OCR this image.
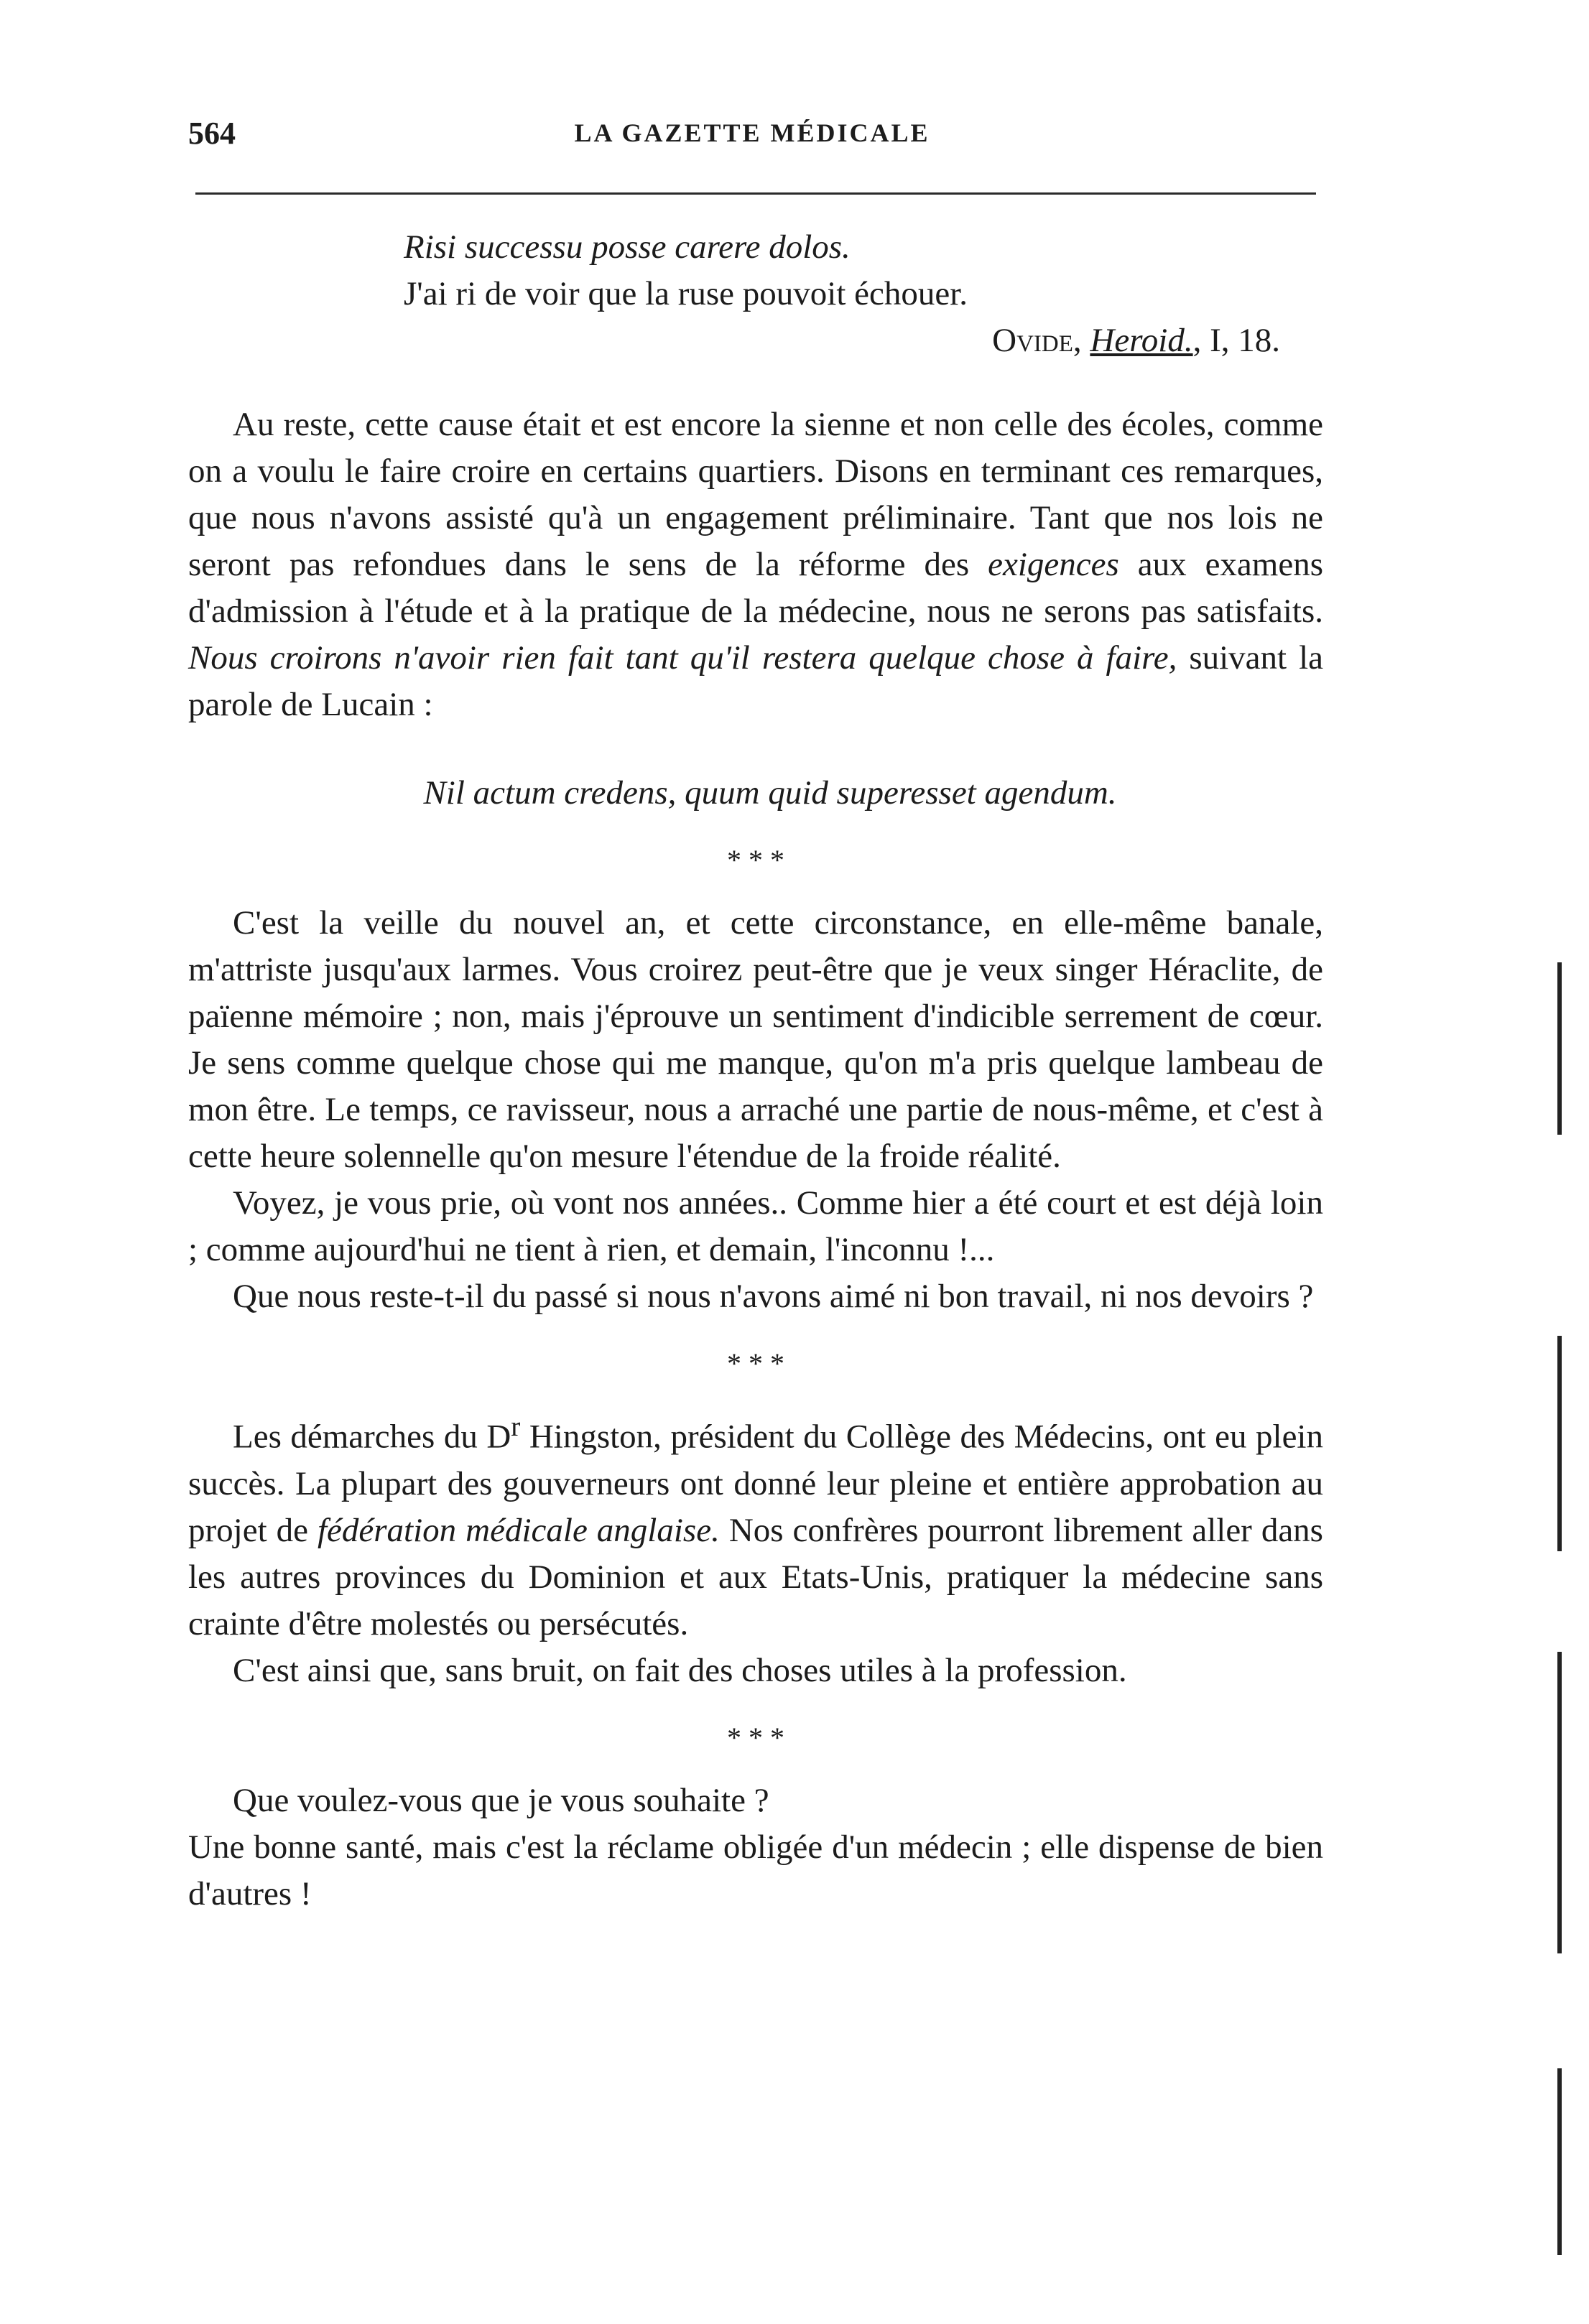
564	LA GAZETTE MÉDICALE
Risi successu posse carere dolos.
J'ai ri de voir que la ruse pouvoit échouer.
Ovide, Heroid., I, 18.

Au reste, cette cause était et est encore la sienne et non celle des écoles, comme on a voulu le faire croire en certains quartiers. Disons en terminant ces remarques, que nous n'avons assisté qu'à un engagement préliminaire. Tant que nos lois ne seront pas refondues dans le sens de la réforme des exigences aux examens d'admission à l'étude et à la pratique de la médecine, nous ne serons pas satisfaits. Nous croirons n'avoir rien fait tant qu'il restera quelque chose à faire, suivant la parole de Lucain :

Nil actum credens, quum quid superesset agendum.
* * *

C'est la veille du nouvel an, et cette circonstance, en elle-même banale, m'attriste jusqu'aux larmes. Vous croirez peut-être que je veux singer Héraclite, de païenne mémoire ; non, mais j'éprouve un sentiment d'indicible serrement de cœur. Je sens comme quelque chose qui me manque, qu'on m'a pris quelque lambeau de mon être. Le temps, ce ravisseur, nous a arraché une partie de nous-même, et c'est à cette heure solennelle qu'on mesure l'étendue de la froide réalité.

Voyez, je vous prie, où vont nos années.. Comme hier a été court et est déjà loin ; comme aujourd'hui ne tient à rien, et demain, l'inconnu !...

Que nous reste-t-il du passé si nous n'avons aimé ni bon travail, ni nos devoirs ?

* * *

Les démarches du $D^r$ Hingston, président du Collège des Médecins, ont eu plein succès. La plupart des gouverneurs ont donné leur pleine et entière approbation au projet de fédération médicale anglaise. Nos confrères pourront librement aller dans les autres provinces du Dominion et aux Etats-Unis, pratiquer la médecine sans crainte d'être molestés ou persécutés.

C'est ainsi que, sans bruit, on fait des choses utiles à la profession.

* * *

Que voulez-vous que je vous souhaite ?

Une bonne santé, mais c'est la réclame obligée d'un médecin ; elle dispense de bien d'autres !
